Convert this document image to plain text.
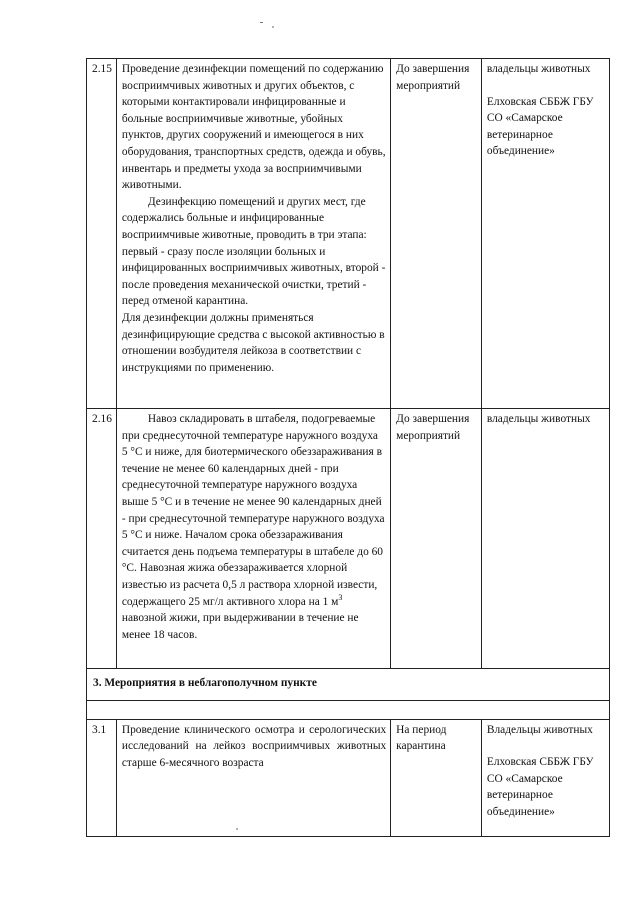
2.15	Проведение дезинфекции помещений по содержанию восприимчивых животных и других объектов, с которыми контактировали инфицированные и больные восприимчивые животные, убойных пунктов, других сооружений и имеющегося в них оборудования, транспортных средств, одежда и обувь, инвентарь и предметы ухода за восприимчивыми животными.
Дезинфекцию помещений и других мест, где содержались больные и инфицированные восприимчивые животные, проводить в три этапа: первый - сразу после изоляции больных и инфицированных восприимчивых животных, второй - после проведения механической очистки, третий - перед отменой карантина.
Для дезинфекции должны применяться дезинфицирующие средства с высокой активностью в отношении возбудителя лейкоза в соответствии с инструкциями по применению.	До завершения мероприятий	владельцы животных
Елховская СББЖ ГБУ СО «Самарское ветеринарное объединение»

2.16	Навоз складировать в штабеля, подогреваемые при среднесуточной температуре наружного воздуха 5 °С и ниже, для биотермического обеззараживания в течение не менее 60 календарных дней - при среднесуточной температуре наружного воздуха выше 5 °С и в течение не менее 90 календарных дней - при среднесуточной температуре наружного воздуха 5 °С и ниже. Началом срока обеззараживания считается день подъема температуры в штабеле до 60 °С. Навозная жижа обеззараживается хлорной известью из расчета 0,5 л раствора хлорной извести, содержащего 25 мг/л активного хлора на 1 $м^3$ навозной жижи, при выдерживании в течение не менее 18 часов.	До завершения мероприятий	владельцы животных

3. Мероприятия в неблагополучном пункте			

3.1	Проведение клинического осмотра и серологических исследований на лейкоз восприимчивых животных старше 6-месячного возраста	На период карантина	Владельцы животных
Елховская СББЖ ГБУ СО «Самарское ветеринарное объединение»
